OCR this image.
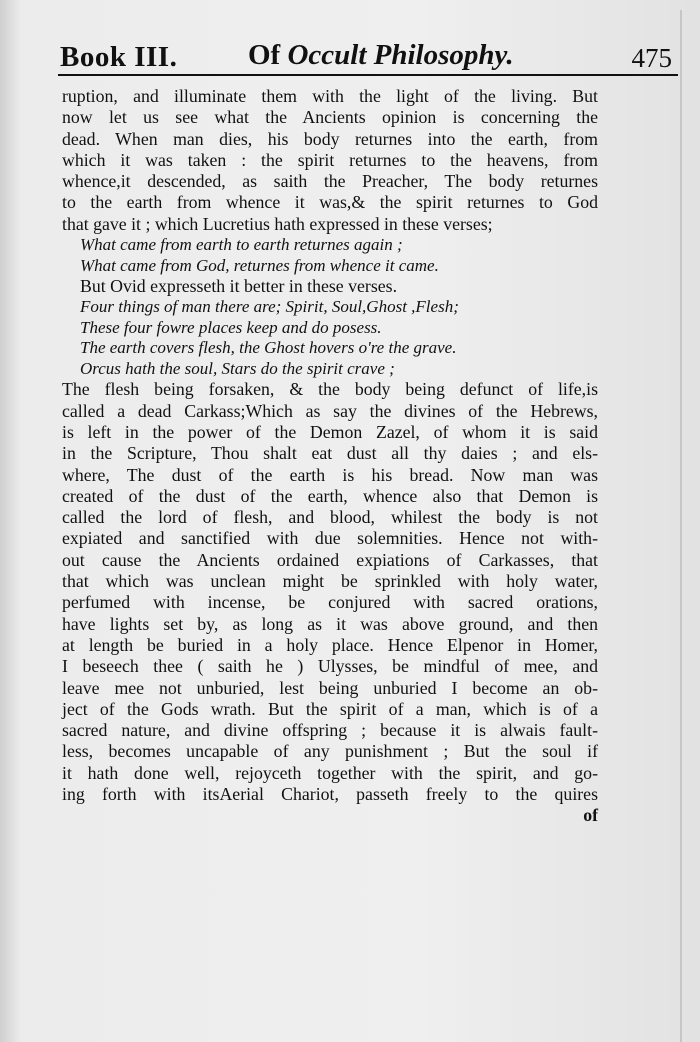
Book III. Of Occult Philosophy.	475

ruption, and illuminate them with the light of the living. But
now let us see what the Ancients opinion is concerning the
dead. When man dies, his body returnes into the earth, from
which it was taken : the spirit returnes to the heavens, from
whence,it descended, as saith the Preacher, The body returnes
to the earth from whence it was,& the spirit returnes to God
that gave it ; which Lucretius hath expressed in these verses;

What came from earth to earth returnes again ;
What came from God, returnes from whence it came.

But Ovid expresseth it better in these verses.

Four things of man there are; Spirit, Soul,Ghost ,Flesh;
These four fowre places keep and do posess.
The earth covers flesh, the Ghost hovers o're the grave.
Orcus hath the soul, Stars do the spirit crave ;

The flesh being forsaken, & the body being defunct of life,is
called a dead Carkass;Which as say the divines of the Hebrews,
is left in the power of the Demon Zazel, of whom it is said
in the Scripture, Thou shalt eat dust all thy daies ; and els-
where, The dust of the earth is his bread. Now man was
created of the dust of the earth, whence also that Demon is
called the lord of flesh, and blood, whilest the body is not
expiated and sanctified with due solemnities. Hence not with-
out cause the Ancients ordained expiations of Carkasses, that
that which was unclean might be sprinkled with holy water,
perfumed with incense, be conjured with sacred orations,
have lights set by, as long as it was above ground, and then
at length be buried in a holy place. Hence Elpenor in Homer,
I beseech thee ( saith he ) Ulysses, be mindful of mee, and
leave mee not unburied, lest being unburied I become an ob-
ject of the Gods wrath. But the spirit of a man, which is of a
sacred nature, and divine offspring ; because it is alwais fault-
less, becomes uncapable of any punishment ; But the soul if
it hath done well, rejoyceth together with the spirit, and go-
ing forth with itsAerial Chariot, passeth freely to the quires

of
